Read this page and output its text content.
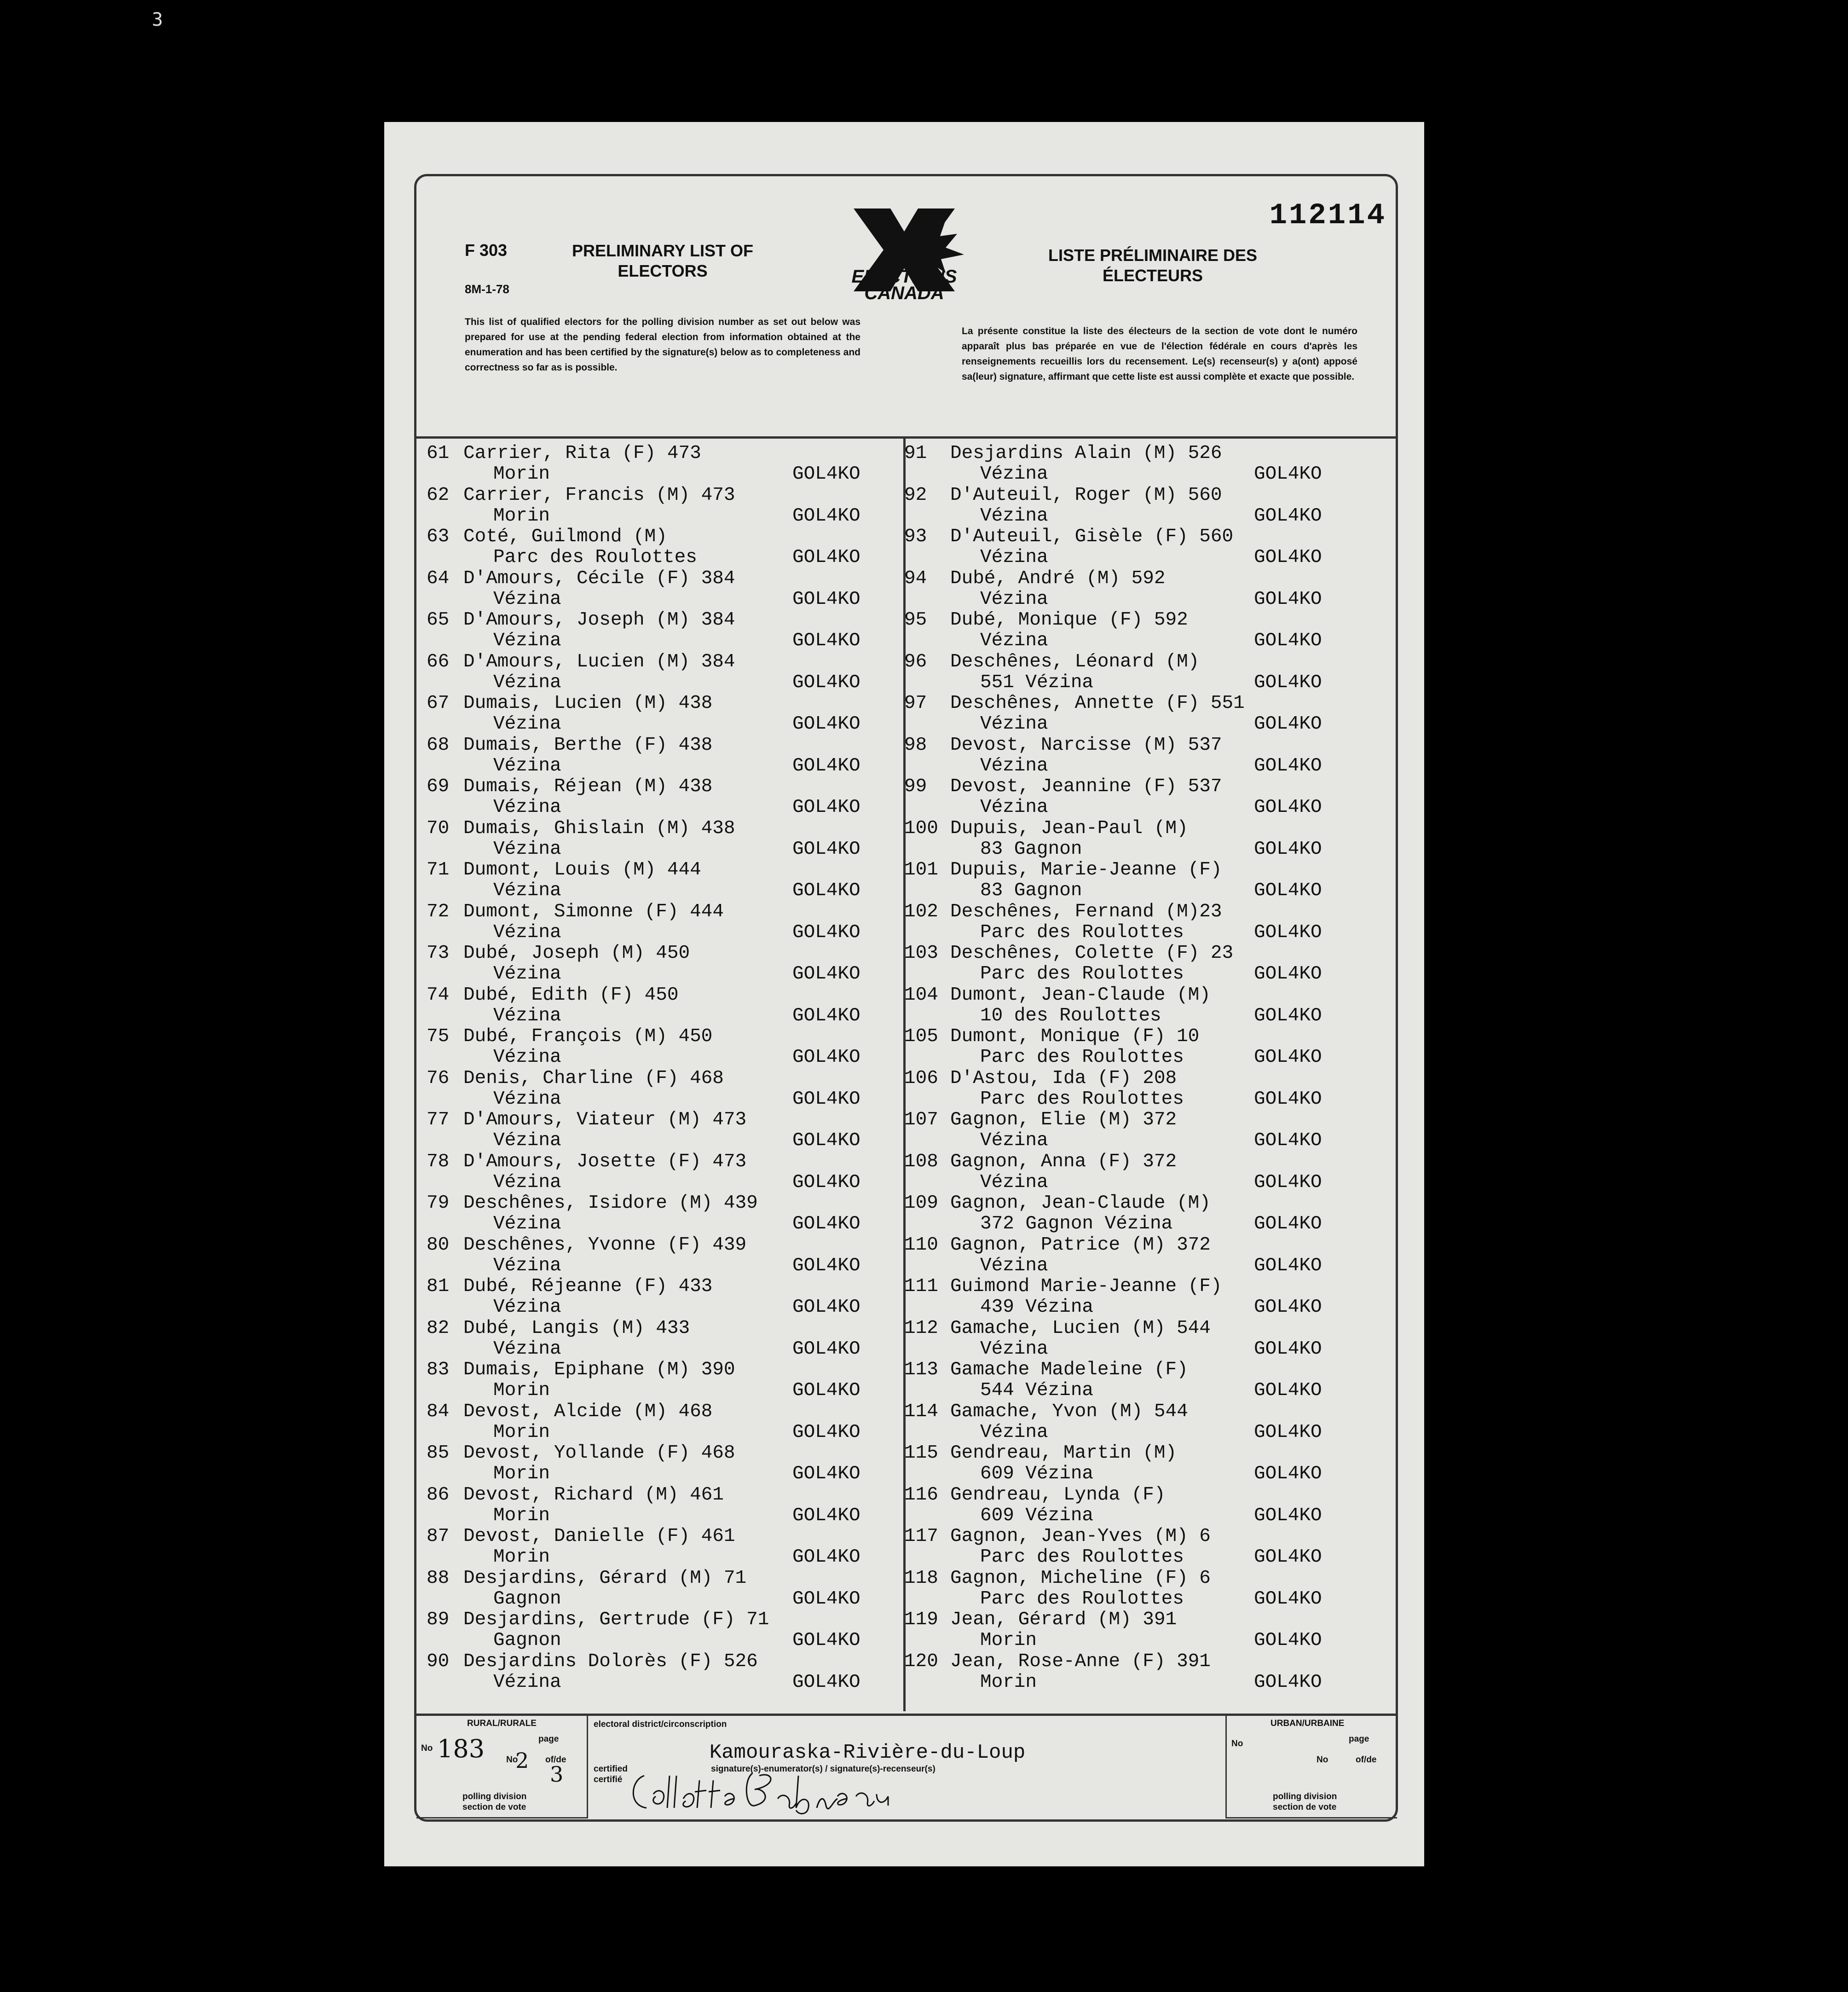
3
112114
F 303
8M-1-78
PRELIMINARY LIST OF ELECTORS	ELECTIONS CANADA
LISTE PRÉLIMINAIRE DES ÉLECTEURS
This list of qualified electors for the polling division number as set out below was prepared for use at the pending federal election from information obtained at the enumeration and has been certified by the signature(s) below as to completeness and correctness so far as is possible.
La présente constitue la liste des électeurs de la section de vote dont le numéro apparaît plus bas préparée en vue de l'élection fédérale en cours d'après les renseignements recueillis lors du recensement. Le(s) recenseur(s) y a(ont) apposé sa(leur) signature, affirmant que cette liste est aussi complète et exacte que possible.
61 Carrier, Rita (F) 473
Morin	GOL4KO
62 Carrier, Francis (M) 473
Morin	GOL4KO
63 Coté, Guilmond (M)
Parc des Roulottes	GOL4KO
64 D'Amours, Cécile (F) 384
Vézina	GOL4KO
65 D'Amours, Joseph (M) 384
Vézina	GOL4KO
66 D'Amours, Lucien (M) 384
Vézina	GOL4KO
67 Dumais, Lucien (M) 438
Vézina	GOL4KO
68 Dumais, Berthe (F) 438
Vézina	GOL4KO
69 Dumais, Réjean (M) 438
Vézina	GOL4KO
70 Dumais, Ghislain (M) 438
Vézina	GOL4KO
71 Dumont, Louis (M) 444
Vézina	GOL4KO
72 Dumont, Simonne (F) 444
Vézina	GOL4KO
73 Dubé, Joseph (M) 450
Vézina	GOL4KO
74 Dubé, Edith (F) 450
Vézina	GOL4KO
75 Dubé, François (M) 450
Vézina	GOL4KO
76 Denis, Charline (F) 468
Vézina	GOL4KO
77 D'Amours, Viateur (M) 473
Vézina	GOL4KO
78 D'Amours, Josette (F) 473
Vézina	GOL4KO
79 Deschênes, Isidore (M) 439
Vézina	GOL4KO
80 Deschênes, Yvonne (F) 439
Vézina	GOL4KO
81 Dubé, Réjeanne (F) 433
Vézina	GOL4KO
82 Dubé, Langis (M) 433
Vézina	GOL4KO
83 Dumais, Epiphane (M) 390
Morin	GOL4KO
84 Devost, Alcide (M) 468
Morin	GOL4KO
85 Devost, Yollande (F) 468
Morin	GOL4KO
86 Devost, Richard (M) 461
Morin	GOL4KO
87 Devost, Danielle (F) 461
Morin	GOL4KO
88 Desjardins, Gérard (M) 71
Gagnon	GOL4KO
89 Desjardins, Gertrude (F) 71
Gagnon	GOL4KO
90 Desjardins Dolorès (F) 526
Vézina	GOL4KO
91 Desjardins Alain (M) 526
Vézina	GOL4KO
92 D'Auteuil, Roger (M) 560
Vézina	GOL4KO
93 D'Auteuil, Gisèle (F) 560
Vézina	GOL4KO
94 Dubé, André (M) 592
Vézina	GOL4KO
95 Dubé, Monique (F) 592
Vézina	GOL4KO
96 Deschênes, Léonard (M)
551 Vézina	GOL4KO
97 Deschênes, Annette (F) 551
Vézina	GOL4KO
98 Devost, Narcisse (M) 537
Vézina	GOL4KO
99 Devost, Jeannine (F) 537
Vézina	GOL4KO
100 Dupuis, Jean-Paul (M)
83 Gagnon	GOL4KO
101 Dupuis, Marie-Jeanne (F)
83 Gagnon	GOL4KO
102 Deschênes, Fernand (M)23
Parc des Roulottes	GOL4KO
103 Deschênes, Colette (F) 23
Parc des Roulottes	GOL4KO
104 Dumont, Jean-Claude (M)
10 des Roulottes	GOL4KO
105 Dumont, Monique (F) 10
Parc des Roulottes	GOL4KO
106 D'Astou, Ida (F) 208
Parc des Roulottes	GOL4KO
107 Gagnon, Elie (M) 372
Vézina	GOL4KO
108 Gagnon, Anna (F) 372
Vézina	GOL4KO
109 Gagnon, Jean-Claude (M)
372 Gagnon Vézina	GOL4KO
110 Gagnon, Patrice (M) 372
Vézina	GOL4KO
111 Guimond Marie-Jeanne (F)
439 Vézina	GOL4KO
112 Gamache, Lucien (M) 544
Vézina	GOL4KO
113 Gamache Madeleine (F)
544 Vézina	GOL4KO
114 Gamache, Yvon (M) 544
Vézina	GOL4KO
115 Gendreau, Martin (M)
609 Vézina	GOL4KO
116 Gendreau, Lynda (F)
609 Vézina	GOL4KO
117 Gagnon, Jean-Yves (M) 6
Parc des Roulottes	GOL4KO
118 Gagnon, Micheline (F) 6
Parc des Roulottes	GOL4KO
119 Jean, Gérard (M) 391
Morin	GOL4KO
120 Jean, Rose-Anne (F) 391
Morin	GOL4KO
RURAL/RURALE
No 183	page
No
2 of/de
3
polling division
section de vote
electoral district/circonscription
Kamouraska-Rivière-du-Loup
certified
certifié
signature(s)-enumerator(s) / signature(s)-recenseur(s)
URBAN/URBAINE
No	page
No	of/de
polling division
section de vote
